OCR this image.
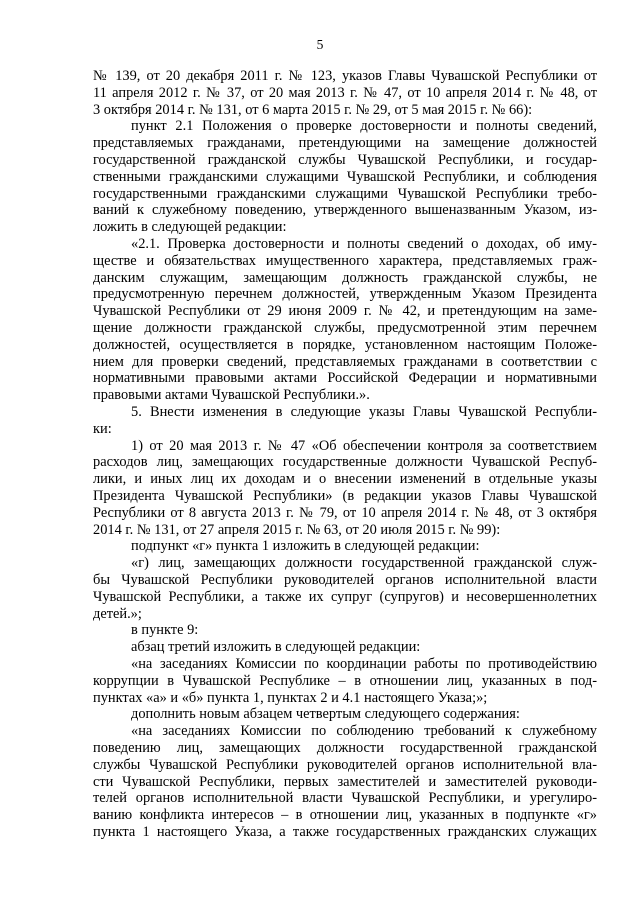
5
№ 139, от 20 декабря 2011 г. № 123, указов Главы Чувашской Республики от
11 апреля 2012 г. № 37, от 20 мая 2013 г. № 47, от 10 апреля 2014 г. № 48, от
3 октября 2014 г. № 131, от 6 марта 2015 г. № 29, от 5 мая 2015 г. № 66):
пункт 2.1 Положения о проверке достоверности и полноты сведений,
представляемых гражданами, претендующими на замещение должностей
государственной гражданской службы Чувашской Республики, и государ-
ственными гражданскими служащими Чувашской Республики, и соблюдения
государственными гражданскими служащими Чувашской Республики требо-
ваний к служебному поведению, утвержденного вышеназванным Указом, из-
ложить в следующей редакции:
«2.1. Проверка достоверности и полноты сведений о доходах, об иму-
ществе и обязательствах имущественного характера, представляемых граж-
данским служащим, замещающим должность гражданской службы, не
предусмотренную перечнем должностей, утвержденным Указом Президента
Чувашской Республики от 29 июня 2009 г. № 42, и претендующим на заме-
щение должности гражданской службы, предусмотренной этим перечнем
должностей, осуществляется в порядке, установленном настоящим Положе-
нием для проверки сведений, представляемых гражданами в соответствии с
нормативными правовыми актами Российской Федерации и нормативными
правовыми актами Чувашской Республики.».
5. Внести изменения в следующие указы Главы Чувашской Республи-
ки:
1) от 20 мая 2013 г. № 47 «Об обеспечении контроля за соответствием
расходов лиц, замещающих государственные должности Чувашской Респуб-
лики, и иных лиц их доходам и о внесении изменений в отдельные указы
Президента Чувашской Республики» (в редакции указов Главы Чувашской
Республики от 8 августа 2013 г. № 79, от 10 апреля 2014 г. № 48, от 3 октября
2014 г. № 131, от 27 апреля 2015 г. № 63, от 20 июля 2015 г. № 99):
подпункт «г» пункта 1 изложить в следующей редакции:
«г) лиц, замещающих должности государственной гражданской служ-
бы Чувашской Республики руководителей органов исполнительной власти
Чувашской Республики, а также их супруг (супругов) и несовершеннолетних
детей.»;
в пункте 9:
абзац третий изложить в следующей редакции:
«на заседаниях Комиссии по координации работы по противодействию
коррупции в Чувашской Республике – в отношении лиц, указанных в под-
пунктах «а» и «б» пункта 1, пунктах 2 и 4.1 настоящего Указа;»;
дополнить новым абзацем четвертым следующего содержания:
«на заседаниях Комиссии по соблюдению требований к служебному
поведению лиц, замещающих должности государственной гражданской
службы Чувашской Республики руководителей органов исполнительной вла-
сти Чувашской Республики, первых заместителей и заместителей руководи-
телей органов исполнительной власти Чувашской Республики, и урегулиро-
ванию конфликта интересов – в отношении лиц, указанных в подпункте «г»
пункта 1 настоящего Указа, а также государственных гражданских служащих
